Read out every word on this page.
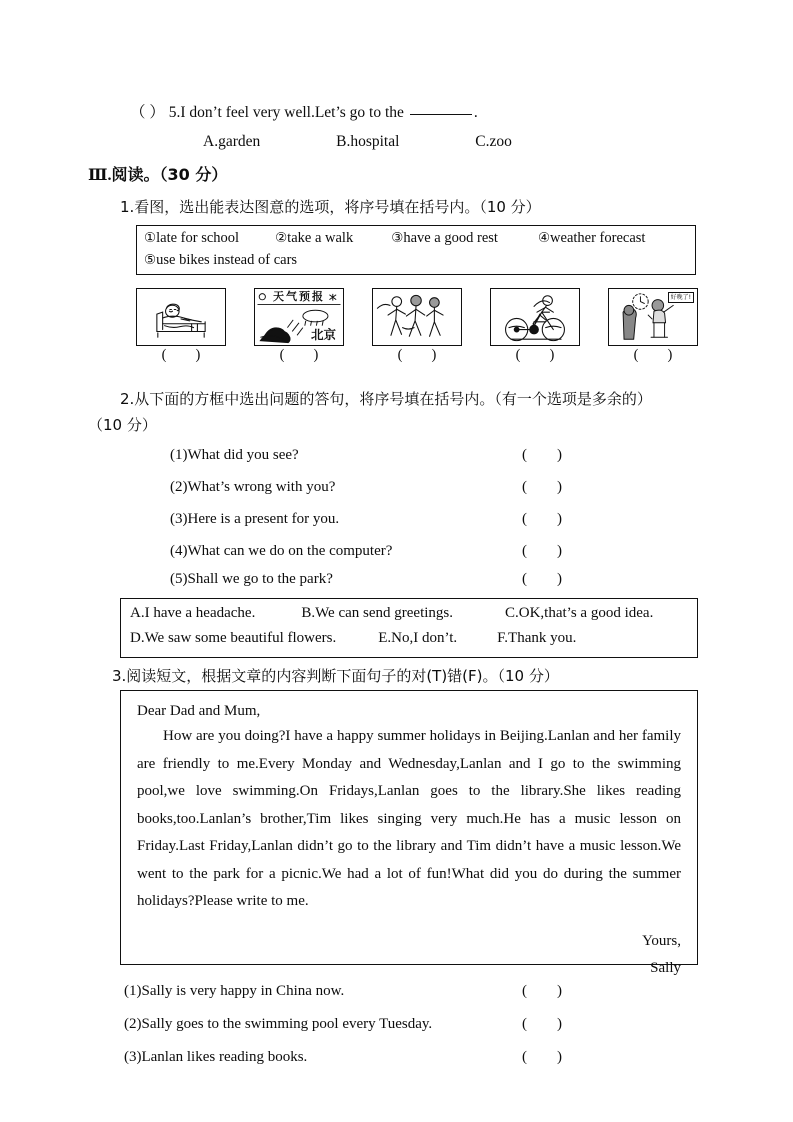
（ ） 5.I don’t feel very well.Let’s go to the	.
A.garden	B.hospital	C.zoo
Ⅲ.阅读。（30 分）
1.看图，选出能表达图意的选项，将序号填在括号内。（10 分）
①late for school	②take a walk	③have a good rest	④weather forecast
⑤use bikes instead of cars
(        )
天气预报
北京
(        )	(        )	(        )
好晚了!
(        )
2.从下面的方框中选出问题的答句，将序号填在括号内。（有一个选项是多余的）
（10 分）
(1)What did you see?	(        )
(2)What’s wrong with you?	(        )
(3)Here is a present for you.	(        )
(4)What can we do on the computer?	(        )
(5)Shall we go to the park?	(        )
A.I have a headache.	B.We can send greetings.	C.OK,that’s a good idea.
D.We saw some beautiful flowers.	E.No,I don’t.	F.Thank you.
3.阅读短文，根据文章的内容判断下面句子的对(T)错(F)。（10 分）

Dear Dad and Mum,

How are you doing?I have a happy summer holidays in Beijing.Lanlan and her family are friendly to me.Every Monday and Wednesday,Lanlan and I go to the swimming pool,we love swimming.On Fridays,Lanlan goes to the library.She likes reading books,too.Lanlan’s brother,Tim likes singing very much.He has a music lesson on Friday.Last Friday,Lanlan didn’t go to the library and Tim didn’t have a music lesson.We went to the park for a picnic.We had a lot of fun!What did you do during the summer holidays?Please write to me.

Yours,
Sally
(1)Sally is very happy in China now.	(        )
(2)Sally goes to the swimming pool every Tuesday.	(        )
(3)Lanlan likes reading books.	(        )
